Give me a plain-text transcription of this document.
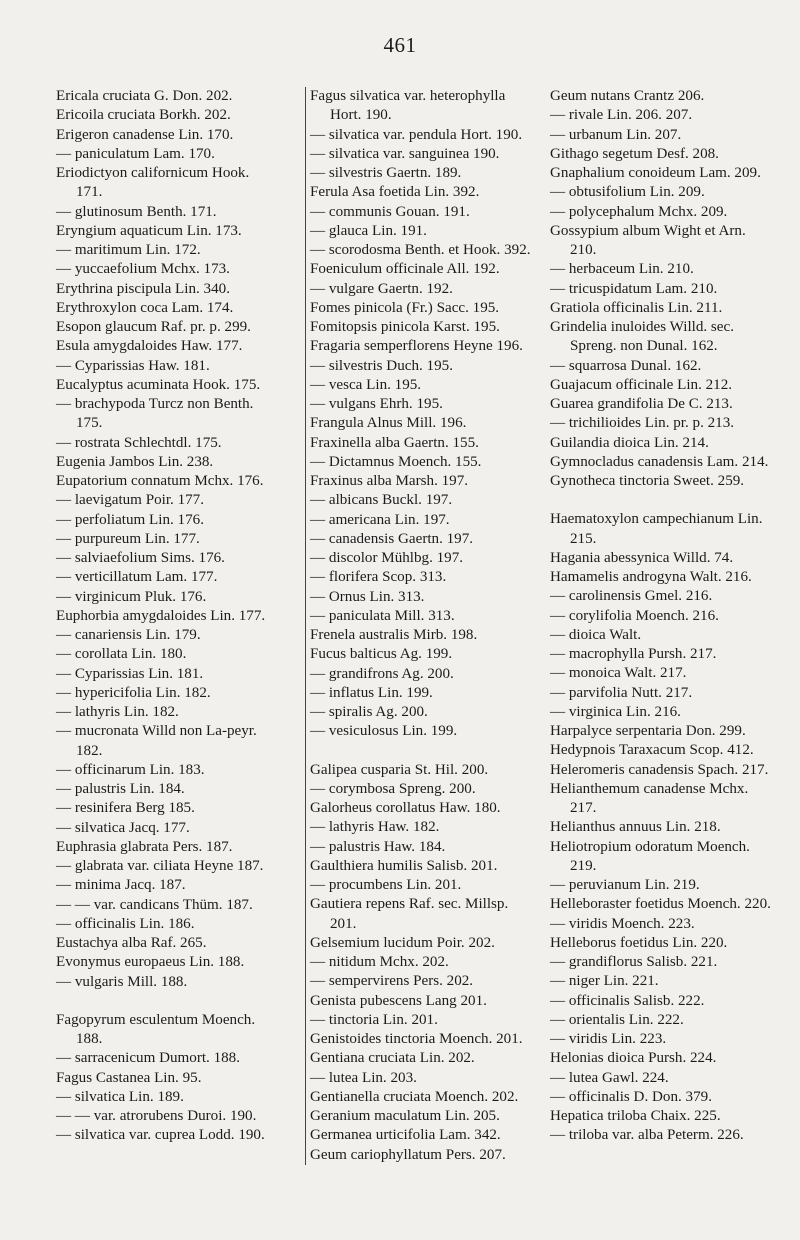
461
Ericala cruciata G. Don. 202.
Ericoila cruciata Borkh. 202.
Erigeron canadense Lin. 170.
— paniculatum Lam. 170.
Eriodictyon californicum Hook. 171.
— glutinosum Benth. 171.
Eryngium aquaticum Lin. 173.
— maritimum Lin. 172.
— yuccaefolium Mchx. 173.
Erythrina piscipula Lin. 340.
Erythroxylon coca Lam. 174.
Esopon glaucum Raf. pr. p. 299.
Esula amygdaloides Haw. 177.
— Cyparissias Haw. 181.
Eucalyptus acuminata Hook. 175.
— brachypoda Turcz non Benth. 175.
— rostrata Schlechtdl. 175.
Eugenia Jambos Lin. 238.
Eupatorium connatum Mchx. 176.
— laevigatum Poir. 177.
— perfoliatum Lin. 176.
— purpureum Lin. 177.
— salviaefolium Sims. 176.
— verticillatum Lam. 177.
— virginicum Pluk. 176.
Euphorbia amygdaloides Lin. 177.
— canariensis Lin. 179.
— corollata Lin. 180.
— Cyparissias Lin. 181.
— hypericifolia Lin. 182.
— lathyris Lin. 182.
— mucronata Willd non La-peyr. 182.
— officinarum Lin. 183.
— palustris Lin. 184.
— resinifera Berg 185.
— silvatica Jacq. 177.
Euphrasia glabrata Pers. 187.
— glabrata var. ciliata Heyne 187.
— minima Jacq. 187.
— — var. candicans Thüm. 187.
— officinalis Lin. 186.
Eustachya alba Raf. 265.
Evonymus europaeus Lin. 188.
— vulgaris Mill. 188.
Fagopyrum esculentum Moench. 188.
— sarracenicum Dumort. 188.
Fagus Castanea Lin. 95.
— silvatica Lin. 189.
— — var. atrorubens Duroi. 190.
— silvatica var. cuprea Lodd. 190.
Fagus silvatica var. heterophylla Hort. 190.
— silvatica var. pendula Hort. 190.
— silvatica var. sanguinea 190.
— silvestris Gaertn. 189.
Ferula Asa foetida Lin. 392.
— communis Gouan. 191.
— glauca Lin. 191.
— scorodosma Benth. et Hook. 392.
Foeniculum officinale All. 192.
— vulgare Gaertn. 192.
Fomes pinicola (Fr.) Sacc. 195.
Fomitopsis pinicola Karst. 195.
Fragaria semperflorens Heyne 196.
— silvestris Duch. 195.
— vesca Lin. 195.
— vulgans Ehrh. 195.
Frangula Alnus Mill. 196.
Fraxinella alba Gaertn. 155.
— Dictamnus Moench. 155.
Fraxinus alba Marsh. 197.
— albicans Buckl. 197.
— americana Lin. 197.
— canadensis Gaertn. 197.
— discolor Mühlbg. 197.
— florifera Scop. 313.
— Ornus Lin. 313.
— paniculata Mill. 313.
Frenela australis Mirb. 198.
Fucus balticus Ag. 199.
— grandifrons Ag. 200.
— inflatus Lin. 199.
— spiralis Ag. 200.
— vesiculosus Lin. 199.
Galipea cusparia St. Hil. 200.
— corymbosa Spreng. 200.
Galorheus corollatus Haw. 180.
— lathyris Haw. 182.
— palustris Haw. 184.
Gaulthiera humilis Salisb. 201.
— procumbens Lin. 201.
Gautiera repens Raf. sec. Millsp. 201.
Gelsemium lucidum Poir. 202.
— nitidum Mchx. 202.
— sempervirens Pers. 202.
Genista pubescens Lang 201.
— tinctoria Lin. 201.
Genistoides tinctoria Moench. 201.
Gentiana cruciata Lin. 202.
— lutea Lin. 203.
Gentianella cruciata Moench. 202.
Geranium maculatum Lin. 205.
Germanea urticifolia Lam. 342.
Geum cariophyllatum Pers. 207.
Geum nutans Crantz 206.
— rivale Lin. 206. 207.
— urbanum Lin. 207.
Githago segetum Desf. 208.
Gnaphalium conoideum Lam. 209.
— obtusifolium Lin. 209.
— polycephalum Mchx. 209.
Gossypium album Wight et Arn. 210.
— herbaceum Lin. 210.
— tricuspidatum Lam. 210.
Gratiola officinalis Lin. 211.
Grindelia inuloides Willd. sec. Spreng. non Dunal. 162.
— squarrosa Dunal. 162.
Guajacum officinale Lin. 212.
Guarea grandifolia De C. 213.
— trichilioides Lin. pr. p. 213.
Guilandia dioica Lin. 214.
Gymnocladus canadensis Lam. 214.
Gynotheca tinctoria Sweet. 259.
Haematoxylon campechianum Lin. 215.
Hagania abessynica Willd. 74.
Hamamelis androgyna Walt. 216.
— carolinensis Gmel. 216.
— corylifolia Moench. 216.
— dioica Walt.
— macrophylla Pursh. 217.
— monoica Walt. 217.
— parvifolia Nutt. 217.
— virginica Lin. 216.
Harpalyce serpentaria Don. 299.
Hedypnois Taraxacum Scop. 412.
Heleromeris canadensis Spach. 217.
Helianthemum canadense Mchx. 217.
Helianthus annuus Lin. 218.
Heliotropium odoratum Moench. 219.
— peruvianum Lin. 219.
Helleboraster foetidus Moench. 220.
— viridis Moench. 223.
Helleborus foetidus Lin. 220.
— grandiflorus Salisb. 221.
— niger Lin. 221.
— officinalis Salisb. 222.
— orientalis Lin. 222.
— viridis Lin. 223.
Helonias dioica Pursh. 224.
— lutea Gawl. 224.
— officinalis D. Don. 379.
Hepatica triloba Chaix. 225.
— triloba var. alba Peterm. 226.
